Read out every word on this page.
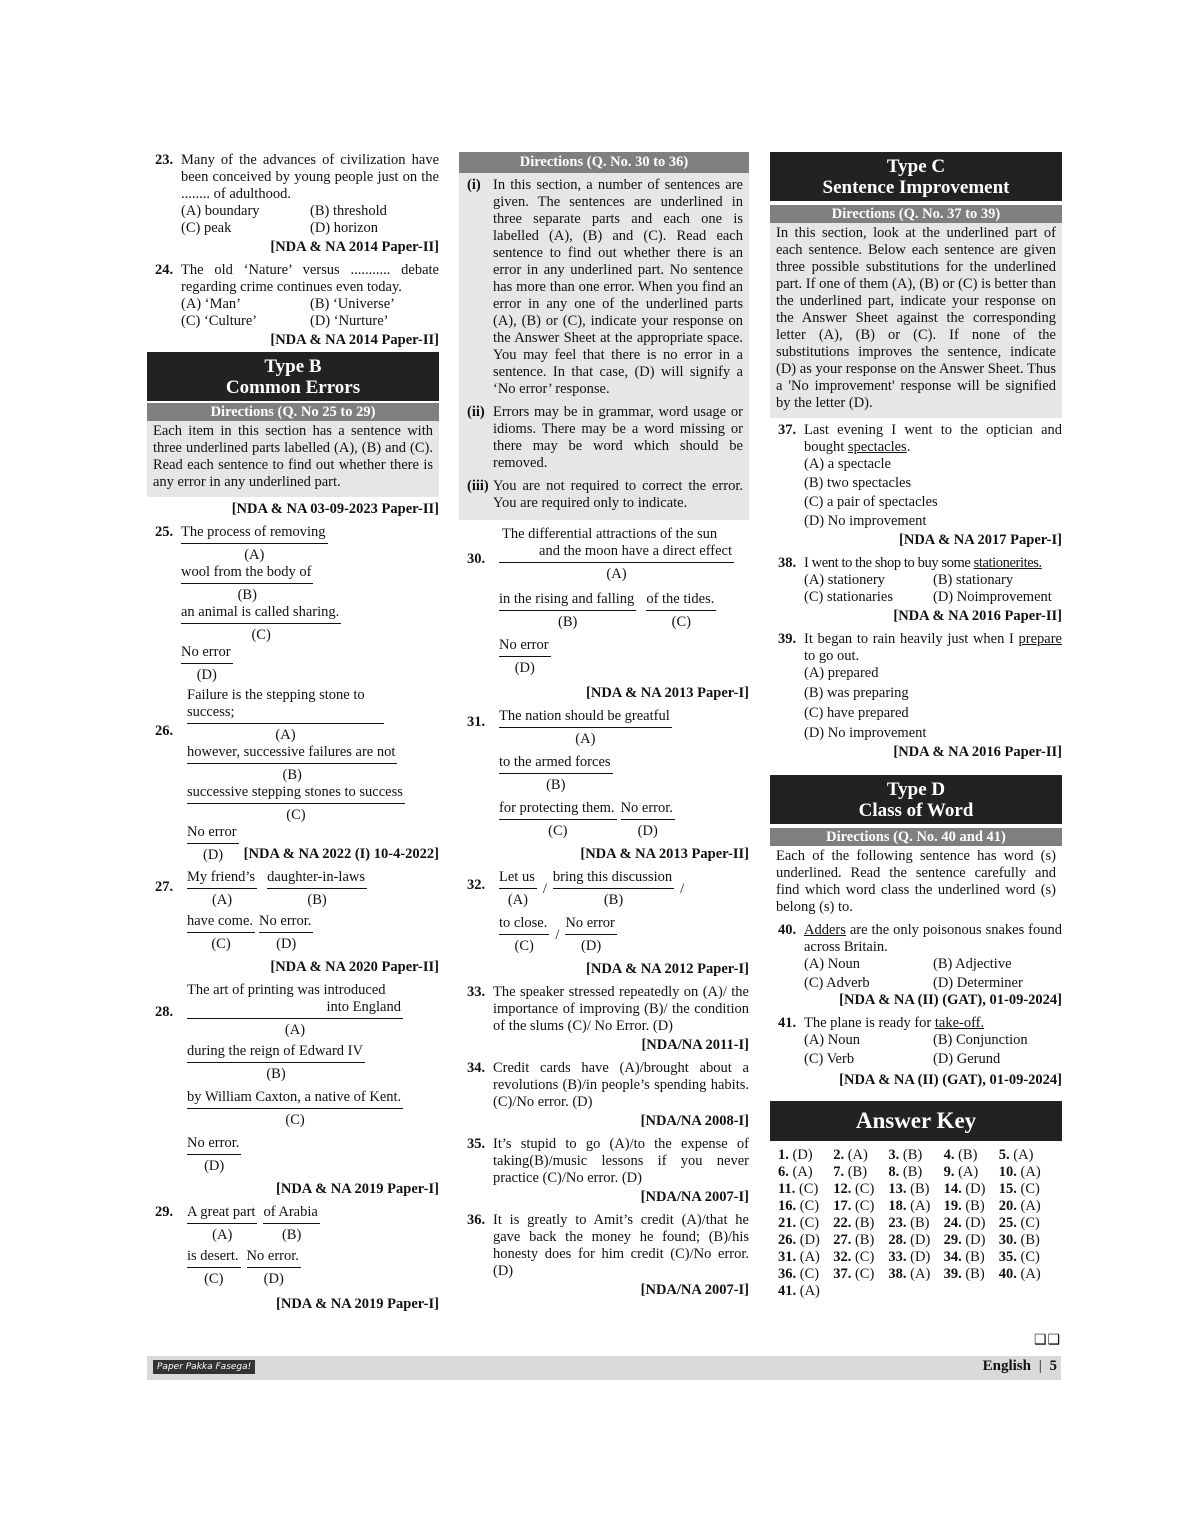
23. Many of the advances of civilization have been conceived by young people just on the ........ of adulthood.
(A) boundary	(B) threshold
(C) peak	(D) horizon
[NDA & NA 2014 Paper-II]
24. The old ‘Nature’ versus ........... debate regarding crime continues even today.
(A) ‘Man’	(B) ‘Universe’
(C) ‘Culture’	(D) ‘Nurture’
[NDA & NA 2014 Paper-II]
Type B
Common Errors
Directions (Q. No 25 to 29)
Each item in this section has a sentence with three underlined parts labelled (A), (B) and (C). Read each sentence to find out whether there is any error in any underlined part.
[NDA & NA 03-09-2023 Paper-II]
25. The process of removing
(A)

wool from the body of
(B)

an animal is called sharing.
(C)

No error
(D)
26.
Failure is the stepping stone to
success;
(A)

however, successive failures are not
(B)

successive stepping stones to success
(C)

No error
(D)	[NDA & NA 2022 (I) 10-4-2022]
27.
My friend’s
(A)
daughter-in-laws
(B)
have come.
(C)
No error.
(D)
[NDA & NA 2020 Paper-II]
28.
The art of printing was introduced
into England
(A)

during the reign of Edward IV
(B)

by William Caxton, a native of Kent.
(C)

No error.
(D)
[NDA & NA 2019 Paper-I]
29. A great part
(A)
of Arabia
(B)
is desert.
(C)
No error.
(D)
[NDA & NA 2019 Paper-I]
Directions (Q. No. 30 to 36)
(i) In this section, a number of sentences are given. The sentences are underlined in three separate parts and each one is labelled (A), (B) and (C). Read each sentence to find out whether there is an error in any underlined part. No sentence has more than one error. When you find an error in any one of the underlined parts (A), (B) or (C), indicate your response on the Answer Sheet at the appropriate space. You may feel that there is no error in a sentence. In that case, (D) will signify a ‘No error’ response.
(ii) Errors may be in grammar, word usage or idioms. There may be a word missing or there may be word which should be removed.
(iii) You are not required to correct the error. You are required only to indicate.
30.
The differential attractions of the sun
and the moon have a direct effect
(A)
in the rising and falling
(B)
of the tides.
(C)
No error
(D)
[NDA & NA 2013 Paper-I]
31. The nation should be greatful
(A)

to the armed forces
(B)
for protecting them.
(C)
No error.
(D)
[NDA & NA 2013 Paper-II]
32. Let us
(A)
/
bring this discussion
(B)
/
to close.
(C)
/
No error
(D)
[NDA & NA 2012 Paper-I]
33. The speaker stressed repeatedly on (A)/ the importance of improving (B)/ the condition of the slums (C)/ No Error. (D)
[NDA/NA 2011-I]
34. Credit cards have (A)/brought about a revolutions (B)/in people’s spending habits. (C)/No error. (D)
[NDA/NA 2008-I]
35. It’s stupid to go (A)/to the expense of taking(B)/music lessons if you never practice (C)/No error. (D)
[NDA/NA 2007-I]
36. It is greatly to Amit’s credit (A)/that he gave back the money he found; (B)/his honesty does for him credit (C)/No error. (D)
[NDA/NA 2007-I]
Type C
Sentence Improvement
Directions (Q. No. 37 to 39)
In this section, look at the underlined part of each sentence. Below each sentence are given three possible substitutions for the underlined part. If one of them (A), (B) or (C) is better than the underlined part, indicate your response on the Answer Sheet against the corresponding letter (A), (B) or (C). If none of the substitutions improves the sentence, indicate (D) as your response on the Answer Sheet. Thus a 'No improvement' response will be signified by the letter (D).
37. Last evening I went to the optician and bought spectacles.
(A) a spectacle
(B) two spectacles
(C) a pair of spectacles
(D) No improvement
[NDA & NA 2017 Paper-I]
38. I went to the shop to buy some stationerites.
(A) stationery	(B) stationary
(C) stationaries	(D) Noimprovement
[NDA & NA 2016 Paper-II]
39. It began to rain heavily just when I prepare to go out.
(A) prepared
(B) was preparing
(C) have prepared
(D) No improvement
[NDA & NA 2016 Paper-II]
Type D
Class of Word
Directions (Q. No. 40 and 41)
Each of the following sentence has word (s) underlined. Read the sentence carefully and find which word class the underlined word (s) belong (s) to.
40. Adders are the only poisonous snakes found across Britain.
(A) Noun	(B) Adjective
(C) Adverb	(D) Determiner
[NDA & NA (II) (GAT), 01-09-2024]
41. The plane is ready for take-off.
(A) Noun	(B) Conjunction
(C) Verb	(D) Gerund
[NDA & NA (II) (GAT), 01-09-2024]
Answer Key
1. (D)	2. (A)	3. (B)	4. (B)	5. (A)
6. (A)	7. (B)	8. (B)	9. (A)	10. (A)
11. (C)	12. (C) 13. (B) 14. (D) 15. (C)
16. (C) 17. (C) 18. (A) 19. (B) 20. (A)
21. (C) 22. (B) 23. (B) 24. (D) 25. (C)
26. (D) 27. (B) 28. (D) 29. (D) 30. (B)
31. (A) 32. (C) 33. (D) 34. (B) 35. (C)
36. (C) 37. (C) 38. (A) 39. (B) 40. (A)
41. (A)
❑❑
Paper Pakka Fasega!	English | 5
